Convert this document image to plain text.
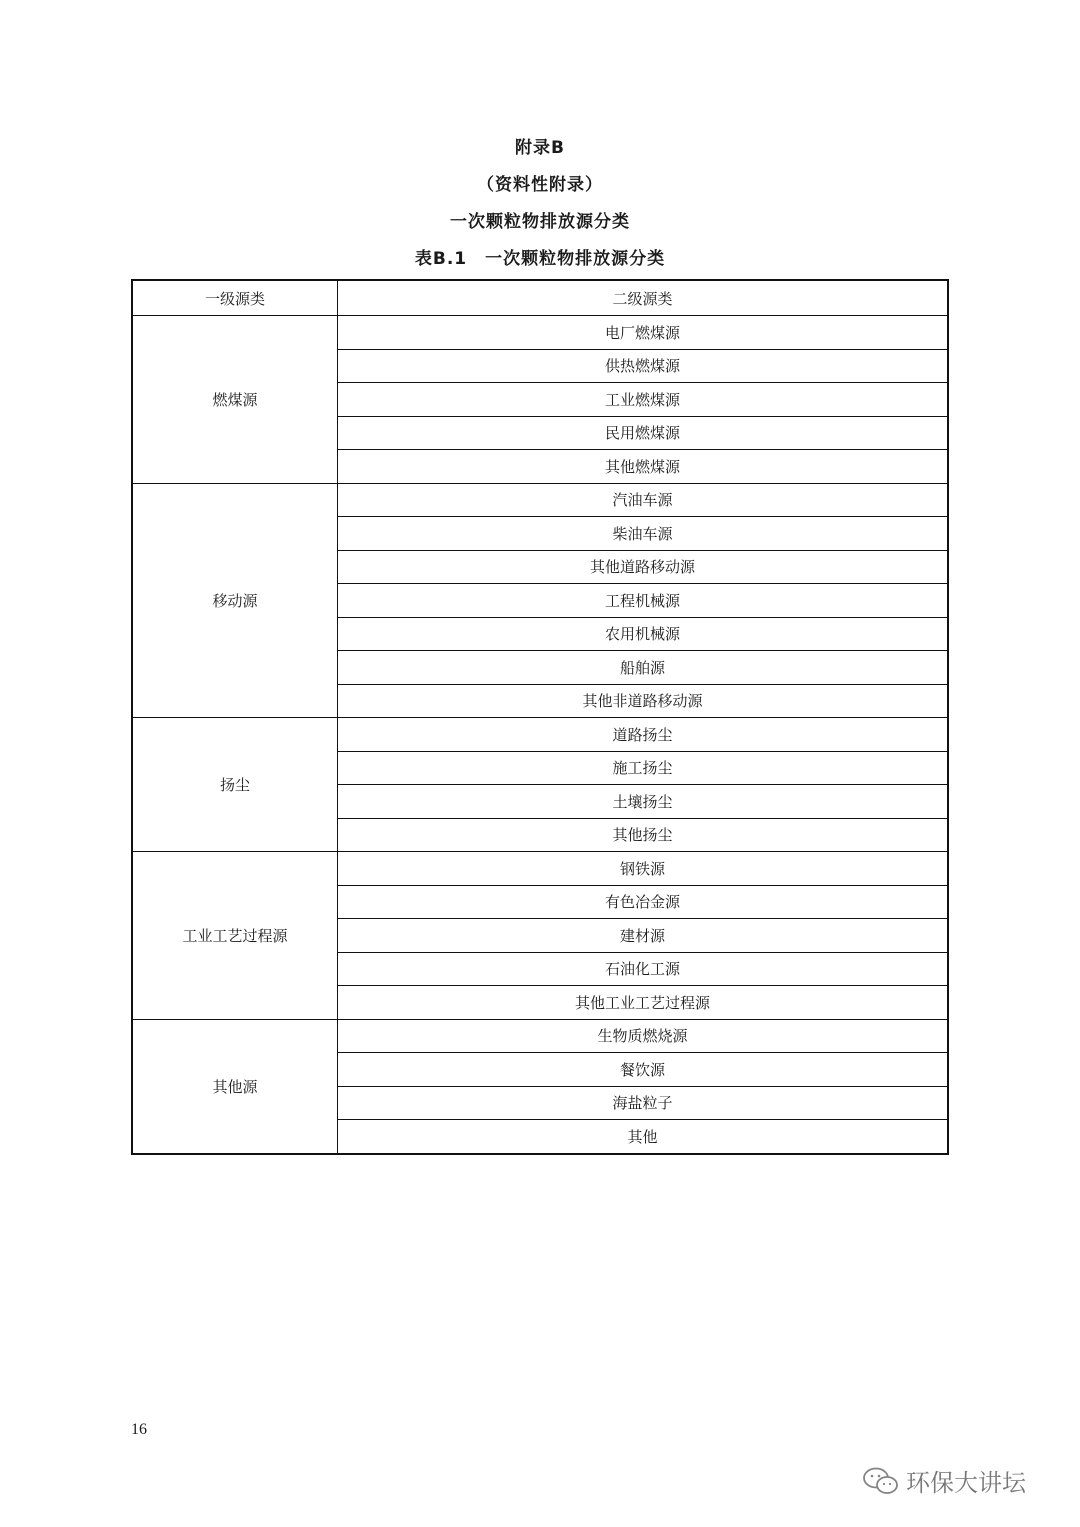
附录B
（资料性附录）
一次颗粒物排放源分类
表B.1　一次颗粒物排放源分类
一级源类	二级源类
燃煤源	电厂燃煤源
	供热燃煤源
	工业燃煤源
	民用燃煤源
	其他燃煤源
移动源	汽油车源
	柴油车源
	其他道路移动源
	工程机械源
	农用机械源
	船舶源
	其他非道路移动源
扬尘	道路扬尘
	施工扬尘
	土壤扬尘
	其他扬尘
工业工艺过程源	钢铁源
	有色冶金源
	建材源
	石油化工源
	其他工业工艺过程源
其他源	生物质燃烧源
	餐饮源
	海盐粒子
	其他
16
环保大讲坛
